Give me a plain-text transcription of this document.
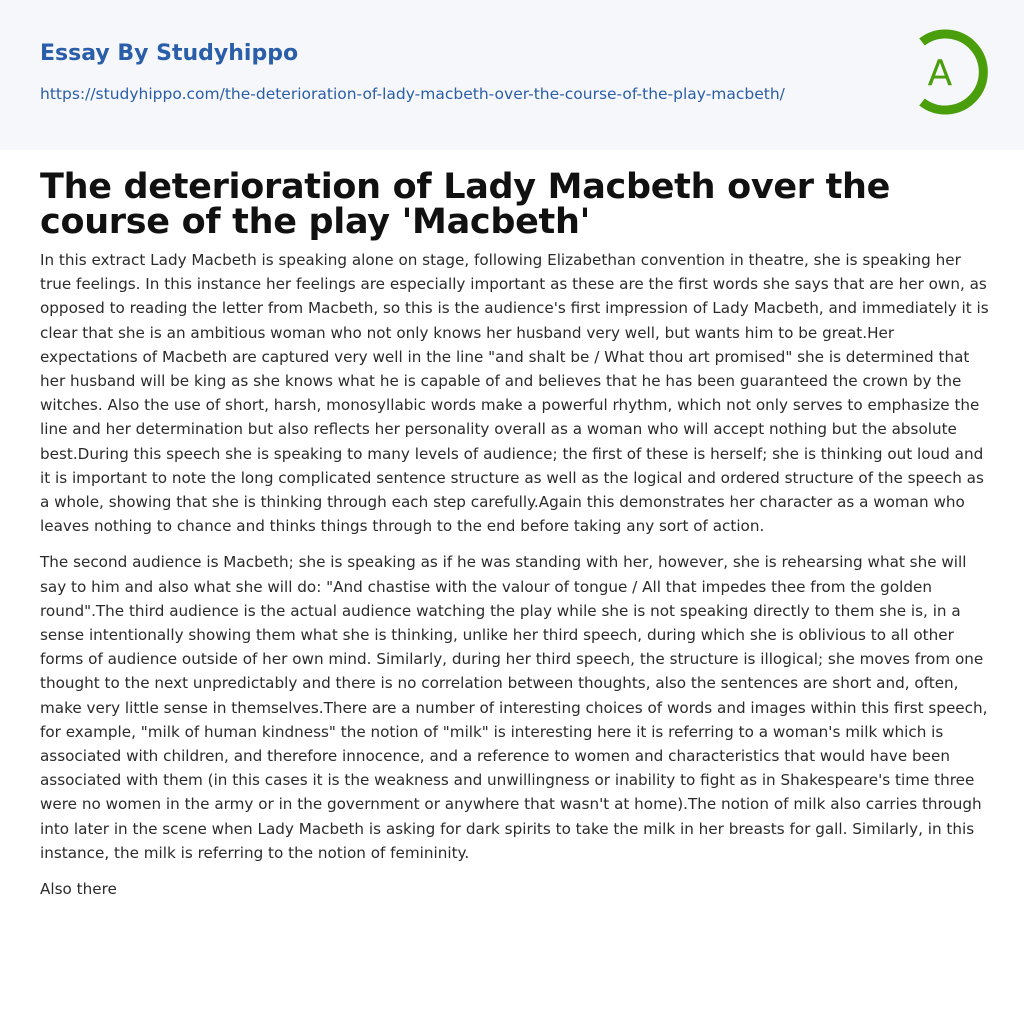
Essay By Studyhippo
https://studyhippo.com/the-deterioration-of-lady-macbeth-over-the-course-of-the-play-macbeth/	A
The deterioration of Lady Macbeth over the course of the play 'Macbeth'

In this extract Lady Macbeth is speaking alone on stage, following Elizabethan convention in theatre, she is speaking her true feelings. In this instance her feelings are especially important as these are the first words she says that are her own, as opposed to reading the letter from Macbeth, so this is the audience's first impression of Lady Macbeth, and immediately it is clear that she is an ambitious woman who not only knows her husband very well, but wants him to be great.Her expectations of Macbeth are captured very well in the line "and shalt be / What thou art promised" she is determined that her husband will be king as she knows what he is capable of and believes that he has been guaranteed the crown by the witches. Also the use of short, harsh, monosyllabic words make a powerful rhythm, which not only serves to emphasize the line and her determination but also reflects her personality overall as a woman who will accept nothing but the absolute best.During this speech she is speaking to many levels of audience; the first of these is herself; she is thinking out loud and it is important to note the long complicated sentence structure as well as the logical and ordered structure of the speech as a whole, showing that she is thinking through each step carefully.Again this demonstrates her character as a woman who leaves nothing to chance and thinks things through to the end before taking any sort of action.

The second audience is Macbeth; she is speaking as if he was standing with her, however, she is rehearsing what she will say to him and also what she will do: "And chastise with the valour of tongue / All that impedes thee from the golden round".The third audience is the actual audience watching the play while she is not speaking directly to them she is, in a sense intentionally showing them what she is thinking, unlike her third speech, during which she is oblivious to all other forms of audience outside of her own mind. Similarly, during her third speech, the structure is illogical; she moves from one thought to the next unpredictably and there is no correlation between thoughts, also the sentences are short and, often, make very little sense in themselves.There are a number of interesting choices of words and images within this first speech, for example, "milk of human kindness" the notion of "milk" is interesting here it is referring to a woman's milk which is associated with children, and therefore innocence, and a reference to women and characteristics that would have been associated with them (in this cases it is the weakness and unwillingness or inability to fight as in Shakespeare's time three were no women in the army or in the government or anywhere that wasn't at home).The notion of milk also carries through into later in the scene when Lady Macbeth is asking for dark spirits to take the milk in her breasts for gall. Similarly, in this instance, the milk is referring to the notion of femininity.

Also there
